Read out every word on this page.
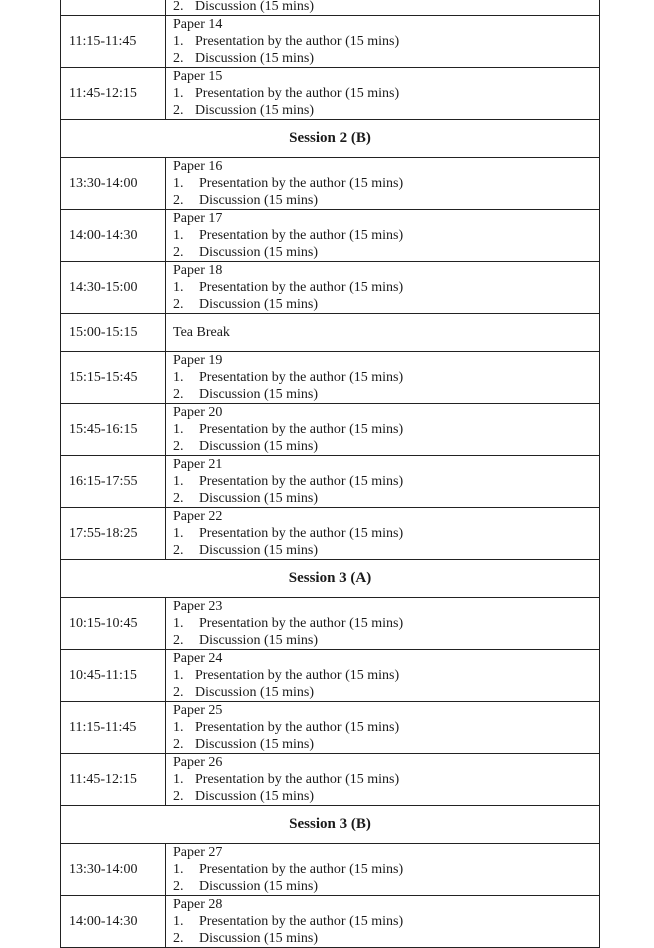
	2. Discussion (15 mins)

11:15-11:45	Paper 14
1. Presentation by the author (15 mins)
2. Discussion (15 mins)

11:45-12:15	Paper 15
1. Presentation by the author (15 mins)
2. Discussion (15 mins)

Session 2 (B)	
13:30-14:00	Paper 16
1. Presentation by the author (15 mins)
2. Discussion (15 mins)

14:00-14:30	Paper 17
1. Presentation by the author (15 mins)
2. Discussion (15 mins)

14:30-15:00	Paper 18
1. Presentation by the author (15 mins)
2. Discussion (15 mins)

15:00-15:15	Tea Break
15:15-15:45	Paper 19
1. Presentation by the author (15 mins)
2. Discussion (15 mins)

15:45-16:15	Paper 20
1. Presentation by the author (15 mins)
2. Discussion (15 mins)

16:15-17:55	Paper 21
1. Presentation by the author (15 mins)
2. Discussion (15 mins)

17:55-18:25	Paper 22
1. Presentation by the author (15 mins)
2. Discussion (15 mins)

Session 3 (A)	
10:15-10:45	Paper 23
1. Presentation by the author (15 mins)
2. Discussion (15 mins)

10:45-11:15	Paper 24
1. Presentation by the author (15 mins)
2. Discussion (15 mins)

11:15-11:45	Paper 25
1. Presentation by the author (15 mins)
2. Discussion (15 mins)

11:45-12:15	Paper 26
1. Presentation by the author (15 mins)
2. Discussion (15 mins)

Session 3 (B)	
13:30-14:00	Paper 27
1. Presentation by the author (15 mins)
2. Discussion (15 mins)

14:00-14:30	Paper 28
1. Presentation by the author (15 mins)
2. Discussion (15 mins)
